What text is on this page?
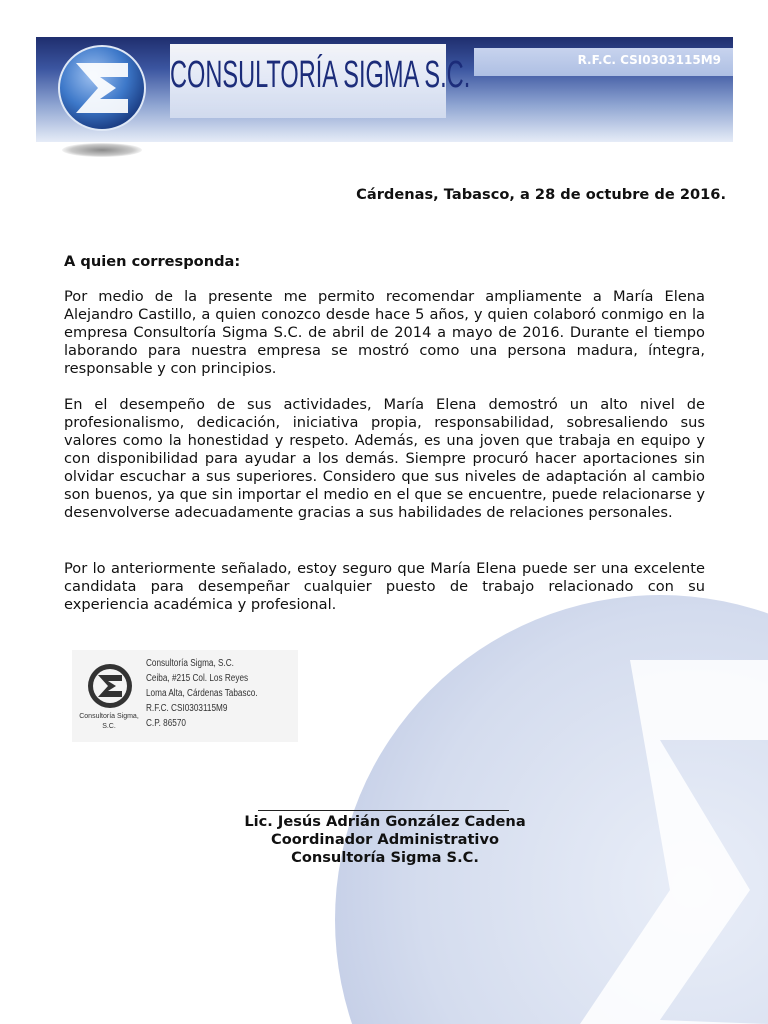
CONSULTORÍA SIGMA S.C.	R.F.C. CSI0303115M9
Cárdenas, Tabasco, a 28 de octubre de 2016.
A quien corresponda:
Por medio de la presente me permito recomendar ampliamente a María Elena Alejandro Castillo, a quien conozco desde hace 5 años, y quien colaboró conmigo en la empresa Consultoría Sigma S.C. de abril de 2014 a mayo de 2016. Durante el tiempo laborando para nuestra empresa se mostró como una persona madura, íntegra, responsable y con principios.
En el desempeño de sus actividades, María Elena demostró un alto nivel de profesionalismo, dedicación, iniciativa propia, responsabilidad, sobresaliendo sus valores como la honestidad y respeto. Además, es una joven que trabaja en equipo y con disponibilidad para ayudar a los demás. Siempre procuró hacer aportaciones sin olvidar escuchar a sus superiores. Considero que sus niveles de adaptación al cambio son buenos, ya que sin importar el medio en el que se encuentre, puede relacionarse y desenvolverse adecuadamente gracias a sus habilidades de relaciones personales.
Por lo anteriormente señalado, estoy seguro que María Elena puede ser una excelente candidata para desempeñar cualquier puesto de trabajo relacionado con su experiencia académica y profesional.
Consultoría Sigma, S.C.
Consultoría Sigma, S.C.
Ceiba, #215 Col. Los Reyes
Loma Alta, Cárdenas Tabasco.
R.F.C. CSI0303115M9
C.P. 86570
Lic. Jesús Adrián González Cadena
Coordinador Administrativo
Consultoría Sigma S.C.
